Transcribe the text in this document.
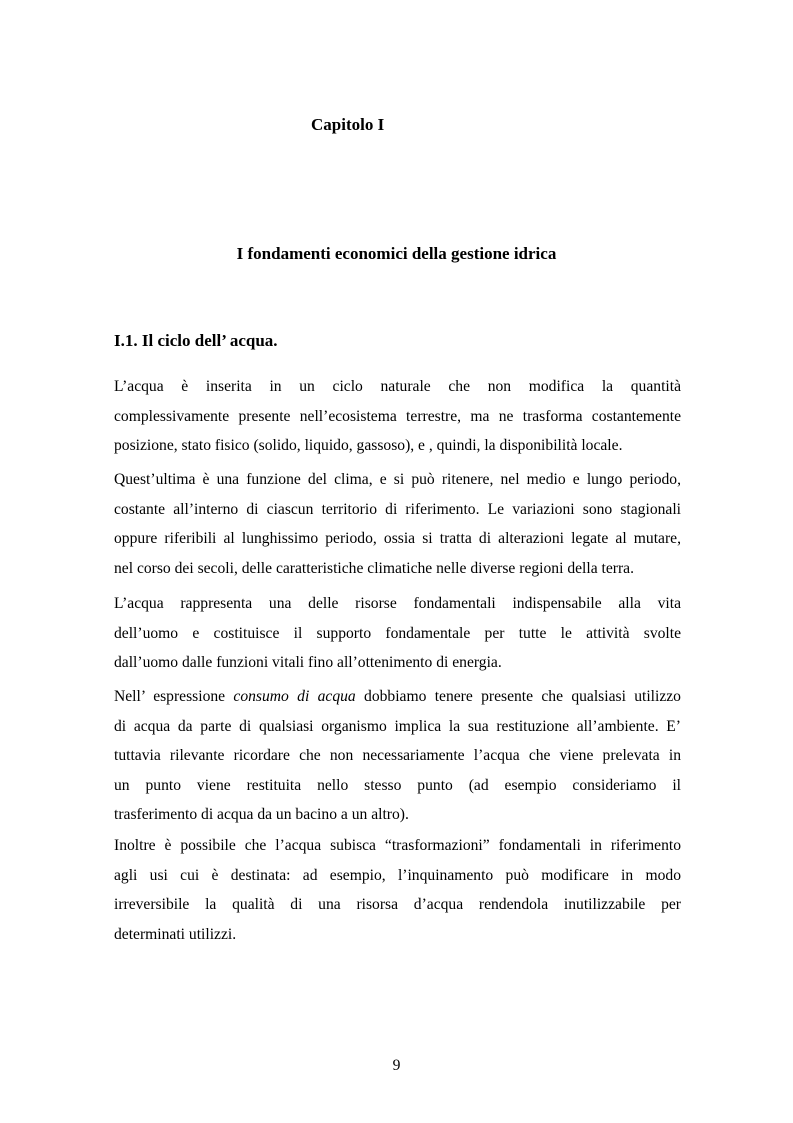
Capitolo I
I fondamenti economici della gestione idrica
I.1. Il ciclo dell’ acqua.
L’acqua è inserita in un ciclo naturale che non modifica la quantità
complessivamente presente nell’ecosistema terrestre, ma ne trasforma costantemente
posizione, stato fisico (solido, liquido, gassoso), e , quindi, la disponibilità locale.
Quest’ultima è una funzione del clima, e si può ritenere, nel medio e lungo periodo,
costante all’interno di ciascun territorio di riferimento. Le variazioni sono stagionali
oppure riferibili al lunghissimo periodo, ossia si tratta di alterazioni legate al mutare,
nel corso dei secoli, delle caratteristiche climatiche nelle diverse regioni della terra.
L’acqua rappresenta una delle risorse fondamentali indispensabile alla vita
dell’uomo e costituisce il supporto fondamentale per tutte le attività svolte
dall’uomo dalle funzioni vitali fino all’ottenimento di energia.
Nell’ espressione consumo di acqua dobbiamo tenere presente che qualsiasi utilizzo
di acqua da parte di qualsiasi organismo implica la sua restituzione all’ambiente. E’
tuttavia rilevante ricordare che non necessariamente l’acqua che viene prelevata in
un punto viene restituita nello stesso punto (ad esempio consideriamo il
trasferimento di acqua da un bacino a un altro).
Inoltre è possibile che l’acqua subisca “trasformazioni” fondamentali in riferimento
agli usi cui è destinata: ad esempio, l’inquinamento può modificare in modo
irreversibile la qualità di una risorsa d’acqua rendendola inutilizzabile per
determinati utilizzi.
9
